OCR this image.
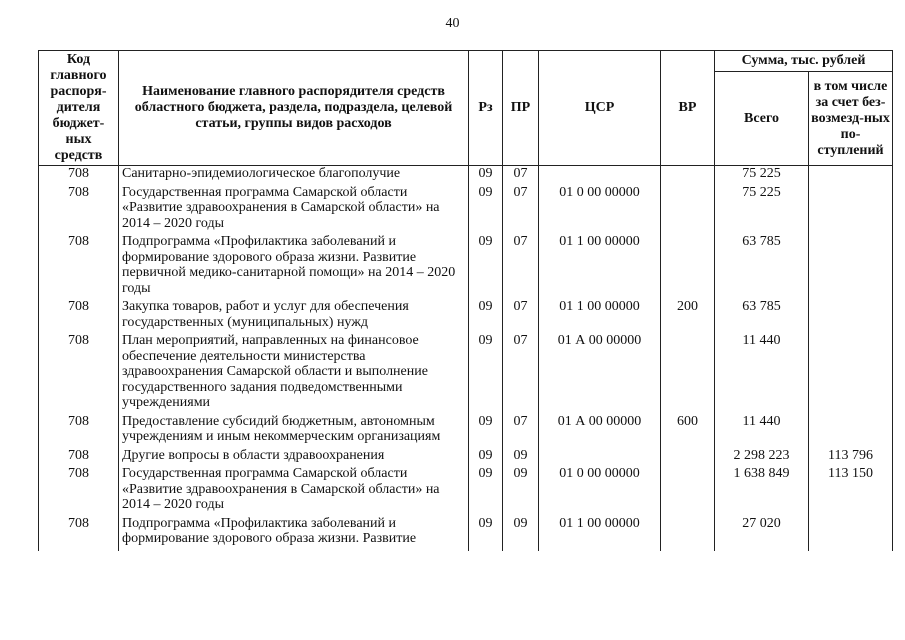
40
Код главного распоря-дителя бюджет-ных средств	Наименование главного распорядителя средств областного бюджета, раздела, подраздела, целевой статьи, группы видов расходов	Рз	ПР	ЦСР	ВР	Сумма, тыс. рублей	
						Всего	в том числе за счет без-возмезд-ных по-ступлений
708	Санитарно-эпидемиологическое благополучие	09	07			75 225	
708	Государственная программа Самарской области «Развитие здравоохранения в Самарской области» на 2014 – 2020 годы	09	07	01 0 00 00000		75 225	
708	Подпрограмма «Профилактика заболеваний и формирование здорового образа жизни. Развитие первичной медико-санитарной помощи» на 2014 – 2020 годы	09	07	01 1 00 00000		63 785	
708	Закупка товаров, работ и услуг для обеспечения государственных (муниципальных) нужд	09	07	01 1 00 00000	200	63 785	
708	План мероприятий, направленных на финансовое обеспечение деятельности министерства здравоохранения Самарской области и выполнение государственного задания подведомственными учреждениями	09	07	01 А 00 00000		11 440	
708	Предоставление субсидий бюджетным, автономным учреждениям и иным некоммерческим организациям	09	07	01 А 00 00000	600	11 440	
708	Другие вопросы в области здравоохранения	09	09			2 298 223	113 796
708	Государственная программа Самарской области «Развитие здравоохранения в Самарской области» на 2014 – 2020 годы	09	09	01 0 00 00000		1 638 849	113 150
708	Подпрограмма «Профилактика заболеваний и формирование здорового образа жизни. Развитие	09	09	01 1 00 00000		27 020	
